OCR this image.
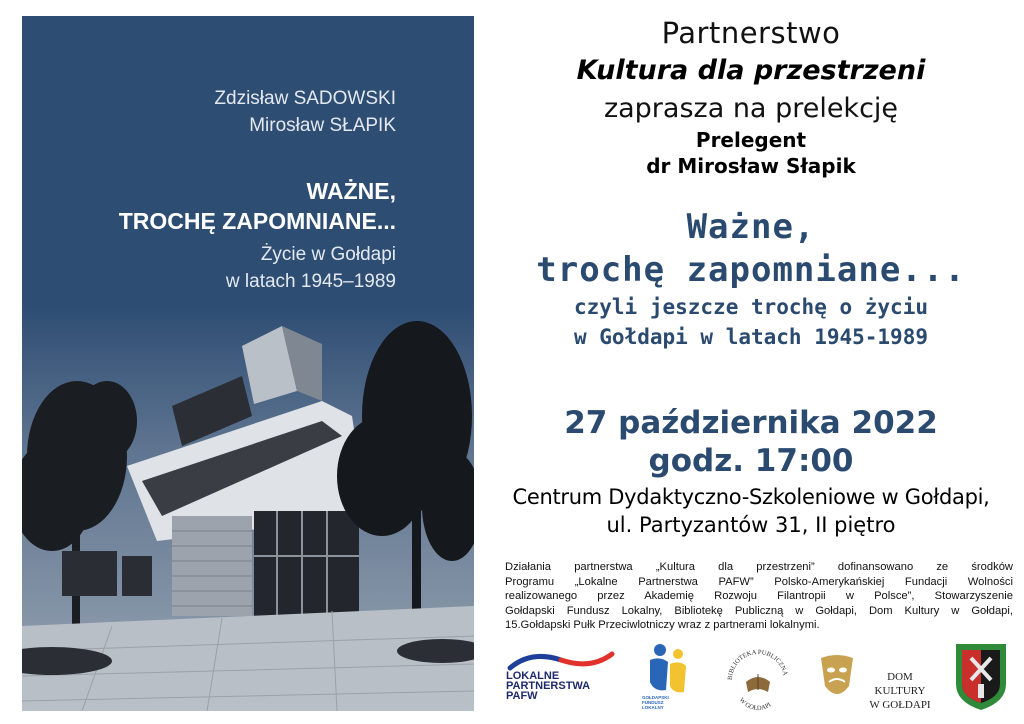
Zdzisław SADOWSKI
Mirosław SŁAPIK
WAŻNE,
TROCHĘ ZAPOMNIANE...
Życie w Gołdapi
w latach 1945–1989
Partnerstwo
Kultura dla przestrzeni
zaprasza na prelekcję
Prelegent
dr Mirosław Słapik
Ważne,
trochę zapomniane...
czyli jeszcze trochę o życiu
w Gołdapi w latach 1945-1989
27 października 2022
godz. 17:00
Centrum Dydaktyczno-Szkoleniowe w Gołdapi,
ul. Partyzantów 31, II piętro
Działania partnerstwa „Kultura dla przestrzeni” dofinansowano ze środków
Programu „Lokalne Partnerstwa PAFW” Polsko-Amerykańskiej Fundacji Wolności
realizowanego przez Akademię Rozwoju Filantropii w Polsce”, Stowarzyszenie
Gołdapski Fundusz Lokalny, Bibliotekę Publiczną w Gołdapi, Dom Kultury w Gołdapi,
15.Gołdapski Pułk Przeciwlotniczy wraz z partnerami lokalnymi.
LOKALNE
PARTNERSTWA
PAFW	GOŁDAPSKI
FUNDUSZ
LOKALNY
BIBLIOTEKA PUBLICZNA
W GOŁDAPI
DOM KULTURY
W GOŁDAPI
